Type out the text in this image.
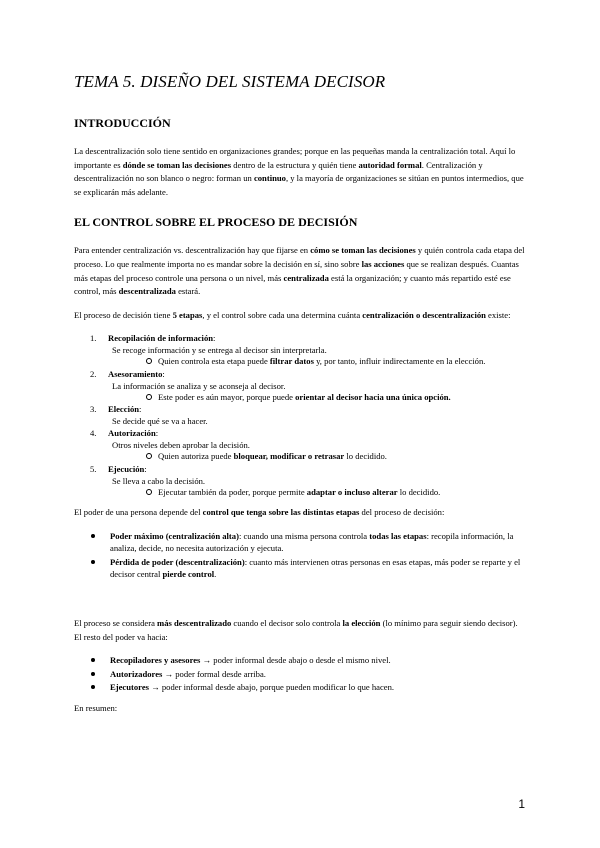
TEMA 5. DISEÑO DEL SISTEMA DECISOR
INTRODUCCIÓN

La descentralización solo tiene sentido en organizaciones grandes; porque en las pequeñas manda la centralización total. Aquí lo importante es dónde se toman las decisiones dentro de la estructura y quién tiene autoridad formal. Centralización y descentralización no son blanco o negro: forman un continuo, y la mayoría de organizaciones se sitúan en puntos intermedios, que se explicarán más adelante.

EL CONTROL SOBRE EL PROCESO DE DECISIÓN

Para entender centralización vs. descentralización hay que fijarse en cómo se toman las decisiones y quién controla cada etapa del proceso. Lo que realmente importa no es mandar sobre la decisión en sí, sino sobre las acciones que se realizan después. Cuantas más etapas del proceso controle una persona o un nivel, más centralizada está la organización; y cuanto más repartido esté ese control, más descentralizada estará.

El proceso de decisión tiene 5 etapas, y el control sobre cada una determina cuánta centralización o descentralización existe:

1. Recopilación de información:
Se recoge información y se entrega al decisor sin interpretarla.
Quien controla esta etapa puede filtrar datos y, por tanto, influir indirectamente en la elección.
2. Asesoramiento:
La información se analiza y se aconseja al decisor.
Este poder es aún mayor, porque puede orientar al decisor hacia una única opción.
3. Elección:
Se decide qué se va a hacer.
4. Autorización:
Otros niveles deben aprobar la decisión.
Quien autoriza puede bloquear, modificar o retrasar lo decidido.
5. Ejecución:
Se lleva a cabo la decisión.
Ejecutar también da poder, porque permite adaptar o incluso alterar lo decidido.

El poder de una persona depende del control que tenga sobre las distintas etapas del proceso de decisión:

Poder máximo (centralización alta): cuando una misma persona controla todas las etapas: recopila información, la analiza, decide, no necesita autorización y ejecuta.
Pérdida de poder (descentralización): cuanto más intervienen otras personas en esas etapas, más poder se reparte y el decisor central pierde control.

El proceso se considera más descentralizado cuando el decisor solo controla la elección (lo mínimo para seguir siendo decisor). El resto del poder va hacia:

Recopiladores y asesores → poder informal desde abajo o desde el mismo nivel.
Autorizadores → poder formal desde arriba.
Ejecutores → poder informal desde abajo, porque pueden modificar lo que hacen.

En resumen:

1
